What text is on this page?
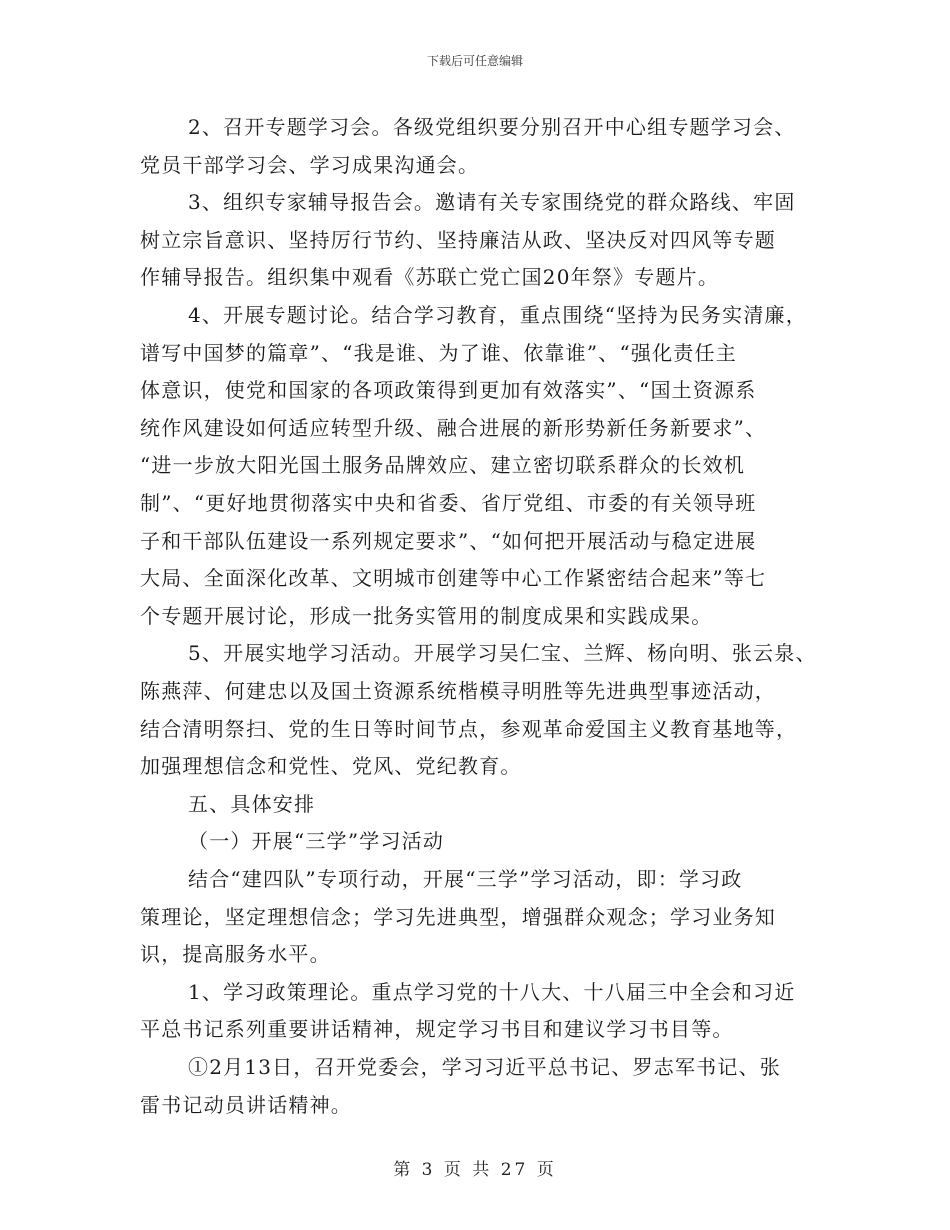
下载后可任意编辑
2、召开专题学习会。各级党组织要分别召开中心组专题学习会、
党员干部学习会、学习成果沟通会。
3、组织专家辅导报告会。邀请有关专家围绕党的群众路线、牢固
树立宗旨意识、坚持厉行节约、坚持廉洁从政、坚决反对四风等专题
作辅导报告。组织集中观看《苏联亡党亡国20年祭》专题片。
4、开展专题讨论。结合学习教育，重点围绕“坚持为民务实清廉，
谱写中国梦的篇章”、“我是谁、为了谁、依靠谁”、“强化责任主
体意识，使党和国家的各项政策得到更加有效落实”、“国土资源系
统作风建设如何适应转型升级、融合进展的新形势新任务新要求”、
“进一步放大阳光国土服务品牌效应、建立密切联系群众的长效机
制”、“更好地贯彻落实中央和省委、省厅党组、市委的有关领导班
子和干部队伍建设一系列规定要求”、“如何把开展活动与稳定进展
大局、全面深化改革、文明城市创建等中心工作紧密结合起来”等七
个专题开展讨论，形成一批务实管用的制度成果和实践成果。
5、开展实地学习活动。开展学习吴仁宝、兰辉、杨向明、张云泉、
陈燕萍、何建忠以及国土资源系统楷模寻明胜等先进典型事迹活动，
结合清明祭扫、党的生日等时间节点，参观革命爱国主义教育基地等，
加强理想信念和党性、党风、党纪教育。
五、具体安排
（一）开展“三学”学习活动
结合“建四队”专项行动，开展“三学”学习活动，即：学习政
策理论，坚定理想信念；学习先进典型，增强群众观念；学习业务知
识，提高服务水平。
1、学习政策理论。重点学习党的十八大、十八届三中全会和习近
平总书记系列重要讲话精神，规定学习书目和建议学习书目等。
①2月13日，召开党委会，学习习近平总书记、罗志军书记、张
雷书记动员讲话精神。
第 3 页 共 27 页
